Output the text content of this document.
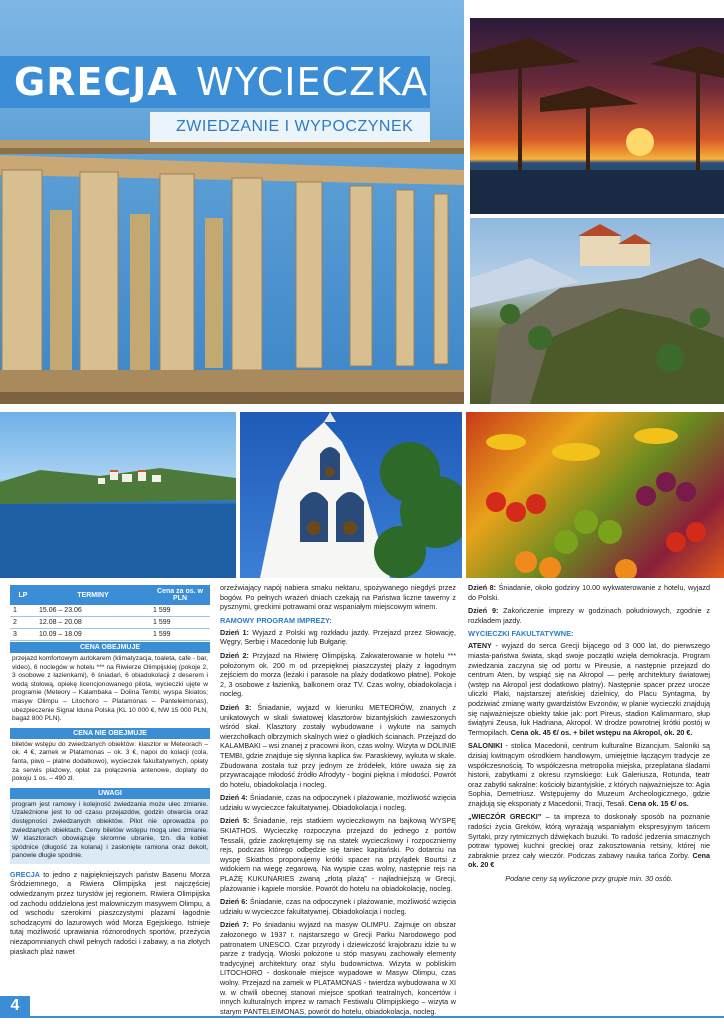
GRECJA WYCIECZKA
ZWIEDZANIE I WYPOCZYNEK
LP	TERMINY	Cena za os. w PLN
1	15.06 – 23.06	1 599
2	12.08 – 20.08	1 599
3	10.09 – 18.09	1 599
CENA OBEJMUJE
przejazd komfortowym autokarem (klimatyzacja, toaleta, cafe - bar, video), 6 noclegów w hotelu *** na Riwierze Olimpijskiej (pokoje 2, 3 osobowe z łazienkami), 6 śniadań, 6 obiadokolacji z deserem i wodą stołową, opiekę licencjonowanego pilota, wycieczki ujęte w programie (Meteory – Kalambaka – Dolina Tembi; wyspa Skiatos; masyw Olimpu – Litochoro – Platamonas – Panteleimonas), ubezpieczenie Signal Iduna Polska (KL 10 000 €, NW 15 000 PLN, bagaż 800 PLN).
CENA NIE OBEJMUJE
biletów wstępu do zwiedzanych obiektów: klasztor w Meteorach – ok. 4 €, zamek w Platamonas – ok. 3 €, napoi do kolacji (cola, fanta, piwo – płatne dodatkowo), wycieczek fakultatywnych, opłaty za serwis plażowy, opłat za połączenia antenowe, doplaty do pokoju 1 os. – 490 zł.
UWAGI
program jest ramowy i kolejność zwiedzania może ulec zmianie. Uzależnione jest to od czasu przejazdów, godzin otwarcia oraz dostępności zwiedzanych obiektów. Pilot nie oprowadza po zwiedzanych obiektach. Ceny biletów wstępu mogą ulec zmianie. W klasztorach obowiązuje skromne ubranie, tzn. dla kobiet spódnice (długość za kolana) i zasłonięte ramiona oraz dekolt, panowie długie spodnie.

GRECJA to jedno z najpiękniejszych państw Basenu Morza Śródziemnego, a Riwiera Olimpijska jest najczęściej odwiedzanym przez turystów jej regionem. Riwiera Olimpijska od zachodu oddzielona jest malowniczym masywem Olimpu, a od wschodu szerokimi piaszczystymi plażami łagodnie schodzącymi do lazurowych wód Morza Egejskiego. Istnieje tutaj możliwość uprawiania różnorodnych sportów, przeżycia niezapomnianych chwil pełnych radości i zabawy, a na złotych piaskach plaż nawet

orzeźwiający napój nabiera smaku nektaru, spożywanego niegdyś przez bogów. Po pełnych wrażeń dniach czekają na Państwa liczne tawerny z pysznymi, greckimi potrawami oraz wspaniałym miejscowym winem.

RAMOWY PROGRAM IMPREZY:

Dzień 1: Wyjazd z Polski wg rozkładu jazdy. Przejazd przez Słowację, Węgry, Serbię i Macedonię lub Bułgarię.

Dzień 2: Przyjazd na Riwierę Olimpijską. Zakwaterowanie w hotelu *** położonym ok. 200 m od przepięknej piaszczystej plaży z łagodnym zejściem do morza (leżaki i parasole na plaży dodatkowo płatne). Pokoje 2, 3 osobowe z łazienką, balkonem oraz TV. Czas wolny, obiadokolacja i nocleg.

Dzień 3: Śniadanie, wyjazd w kierunku METEORÓW, znanych z unikatowych w skali światowej klasztorów bizantyjskich zawieszonych wśród skał. Klasztory zostały wybudowane i wykute na samych wierzchołkach olbrzymich skalnych wież o gładkich ścianach. Przejazd do KALAMBAKI – wsi znanej z pracowni ikon, czas wolny. Wizyta w DOLINIE TEMBI, gdzie znajduje się słynna kaplica św. Paraskiewy, wykuta w skale. Zbudowana została tuż przy jednym ze źródełek, które uważa się za przywracające młodość źródło Afrodyty - bogini piękna i młodości. Powrót do hotelu, obiadokolacja i nocleg.

Dzień 4: Śniadanie, czas na odpoczynek i plażowanie, możliwość wzięcia udziału w wycieczce fakultatywnej. Obiadokolacja i nocleg.

Dzień 5: Śniadanie, rejs statkiem wycieczkowym na bajkową WYSPĘ SKIATHOS. Wycieczkę rozpoczyna przejazd do jednego z portów Tessalii, gdzie zaokrętujemy się na statek wycieczkowy i rozpoczniemy rejs, podczas którego odbędzie się taniec kapitański. Po dotarciu na wyspę Skiathos proponujemy krótki spacer na przylądek Bourtsi z widokiem na wiegę zegarową. Na wyspie czas wolny, następnie rejs na PLAŻĘ KUKUNARIES zwaną „złotą plażą” - najładniejszą w Grecji, plażowanie i kąpiele morskie. Powrót do hotelu na obiadokolację, nocleg.

Dzień 6: Śniadanie, czas na odpoczynek i plażowanie, możliwość wzięcia udziału w wycieczce fakultatywnej. Obiadokolacja i nocleg.

Dzień 7: Po śniadaniu wyjazd na masyw OLIMPU. Zajmuje on obszar założonego w 1937 r. najstarszego w Grecji Parku Narodowego pod patronatem UNESCO. Czar przyrody i dziewiczość krajobrazu idzie tu w parze z tradycją. Wioski położone u stóp masywu zachowały elementy tradycyjnej architektury oraz stylu budownictwa. Wizyta w pobliskim LITOCHORO - doskonałe miejsce wypadowe w Masyw Olimpu, czas wolny. Przejazd na zamek w PLATAMONAS - twierdza wybudowana w XI w. w chwili obecnej stanowi miejsce spotkań teatralnych, koncertów i innych kulturalnych imprez w ramach Festiwalu Olimpijskiego – wizyta w starym PANTELEIMONAS, powrót do hotelu, obiadokolacja, nocleg.

Dzień 8: Śniadanie, około godziny 10.00 wykwaterowanie z hotelu, wyjazd do Polski.

Dzień 9: Zakończenie imprezy w godzinach południowych, zgodnie z rozkładem jazdy.

WYCIECZKI FAKULTATYWNE:

ATENY - wyjazd do serca Grecji bijącego od 3 000 lat, do pierwszego miasta-państwa świata, skąd swoje początki wzięła demokracja. Program zwiedzania zaczyna się od portu w Pireusie, a następnie przejazd do centrum Aten, by wspiąć się na Akropol — perłę architektury światowej (wstęp na Akropol jest dodatkowo płatny). Następnie spacer przez urocze uliczki Plaki, najstarszej ateńskiej dzielnicy, do Placu Syntagma, by podziwiać zmianę warty gwardzistów Evzonów, w planie wycieczki znajdują się najważniejsze obiekty takie jak: port Pireus, stadion Kalimarmaro, słup świątyni Zeusa, łuk Hadriana, Akropol. W drodze powrotnej krótki postój w Termopilach. Cena ok. 45 €/ os. + bilet wstępu na Akropol, ok. 20 €.

SALONIKI - stolica Macedonii, centrum kulturalne Bizancjum. Saloniki są dzisiaj kwitnącym ośrodkiem handlowym, umiejętnie łączącym tradycje ze współczesnością. To współczesna metropolia miejska, przeplatana śladami historii, zabytkami z okresu rzymskiego: Łuk Galeriusza, Rotunda, teatr oraz zabytki sakralne: kościoły bizantyjskie, z których najważniejsze to: Agia Sophia, Demetriusz. Wstępujemy do Muzeum Archeologicznego, gdzie znajdują się eksponaty z Macedonii, Tracji, Tesali. Cena ok. 15 €/ os.

„WIECZÓR GRECKI” – ta impreza to doskonały sposób na poznanie radości życia Greków, którą wyrażają wspaniałym ekspresyjnym tańcem Syrtaki, przy rytmicznych dźwiękach buzuki. To radość jedzenia smacznych potraw typowej kuchni greckiej oraz zakosztowania retsiny, której nie zabraknie przez cały wieczór. Podczas zabawy nauka tańca Zorby. Cena ok. 20 €

Podane ceny są wyliczone przy grupie min. 30 osób.

4
